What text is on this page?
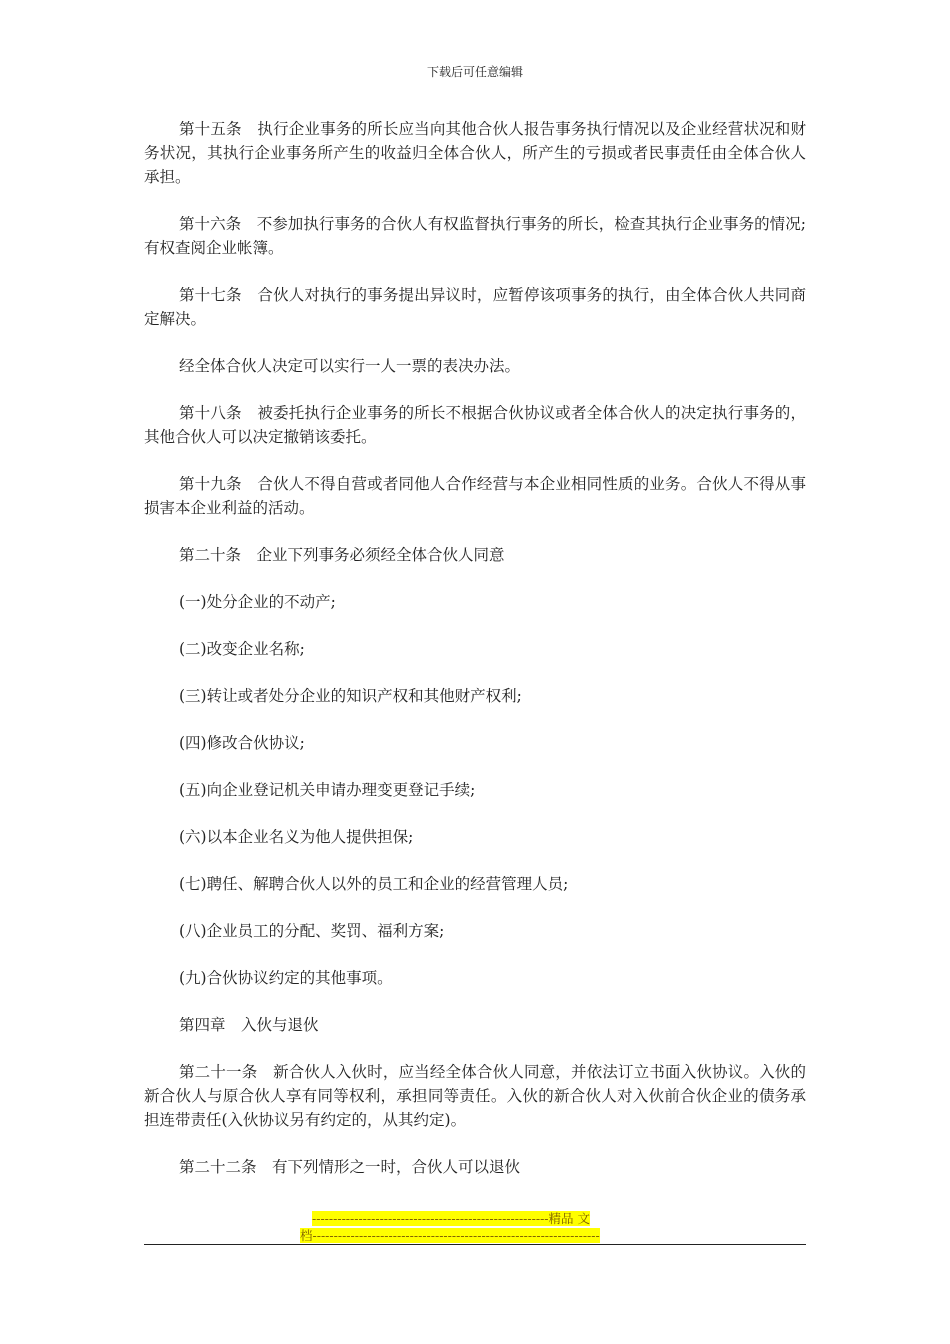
下载后可任意编辑

第十五条　执行企业事务的所长应当向其他合伙人报告事务执行情况以及企业经营状况和财务状况，其执行企业事务所产生的收益归全体合伙人，所产生的亏损或者民事责任由全体合伙人承担。

第十六条　不参加执行事务的合伙人有权监督执行事务的所长，检查其执行企业事务的情况;有权查阅企业帐簿。

第十七条　合伙人对执行的事务提出异议时，应暂停该项事务的执行，由全体合伙人共同商定解决。

经全体合伙人决定可以实行一人一票的表决办法。

第十八条　被委托执行企业事务的所长不根据合伙协议或者全体合伙人的决定执行事务的，其他合伙人可以决定撤销该委托。

第十九条　合伙人不得自营或者同他人合作经营与本企业相同性质的业务。合伙人不得从事损害本企业利益的活动。

第二十条　企业下列事务必须经全体合伙人同意

(一)处分企业的不动产;

(二)改变企业名称;

(三)转让或者处分企业的知识产权和其他财产权利;

(四)修改合伙协议;

(五)向企业登记机关申请办理变更登记手续;

(六)以本企业名义为他人提供担保;

(七)聘任、解聘合伙人以外的员工和企业的经营管理人员;

(八)企业员工的分配、奖罚、福利方案;

(九)合伙协议约定的其他事项。

第四章　入伙与退伙

第二十一条　新合伙人入伙时，应当经全体合伙人同意，并依法订立书面入伙协议。入伙的新合伙人与原合伙人享有同等权利，承担同等责任。入伙的新合伙人对入伙前合伙企业的债务承担连带责任(入伙协议另有约定的，从其约定)。

第二十二条　有下列情形之一时，合伙人可以退伙

--------------------------------------------------------精品 文
档--------------------------------------------------------------------
